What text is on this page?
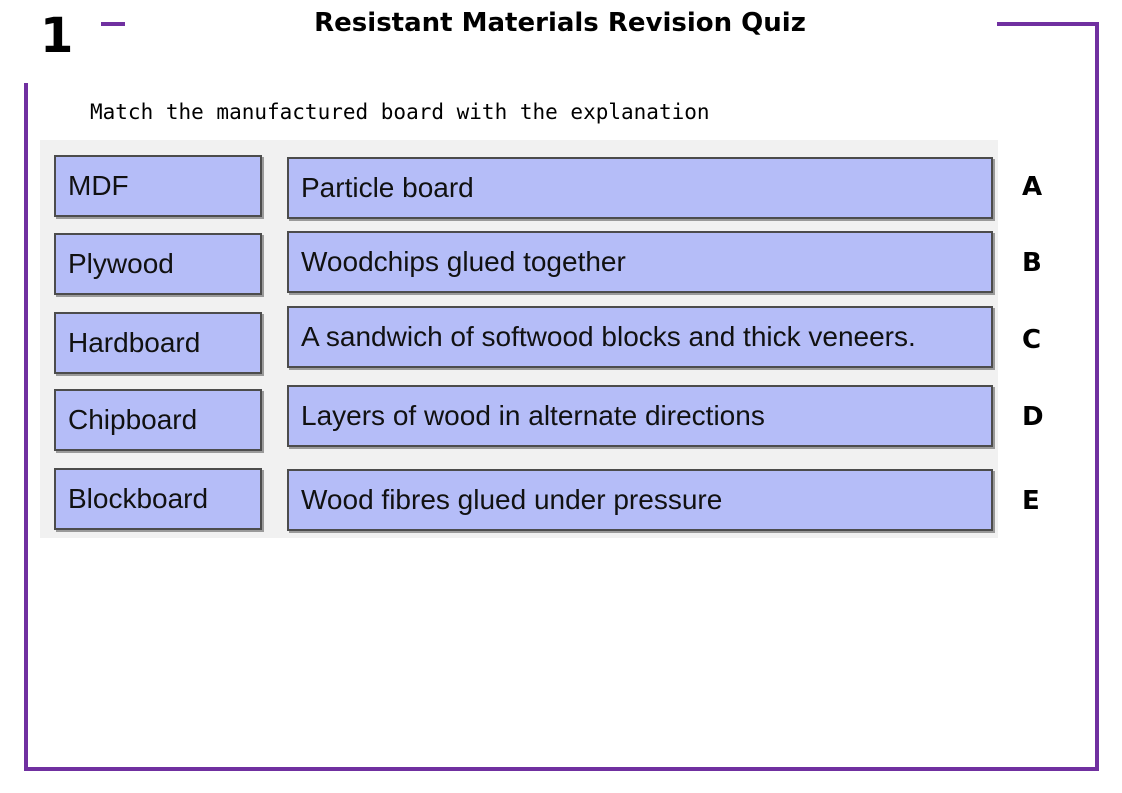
1	Resistant Materials Revision Quiz
Match the manufactured board with the explanation
MDF
Plywood
Hardboard
Chipboard
Blockboard
Particle board
Woodchips glued together
A sandwich of softwood blocks and thick veneers.
Layers of wood in alternate directions
Wood fibres glued under pressure
A
B
C
D
E
